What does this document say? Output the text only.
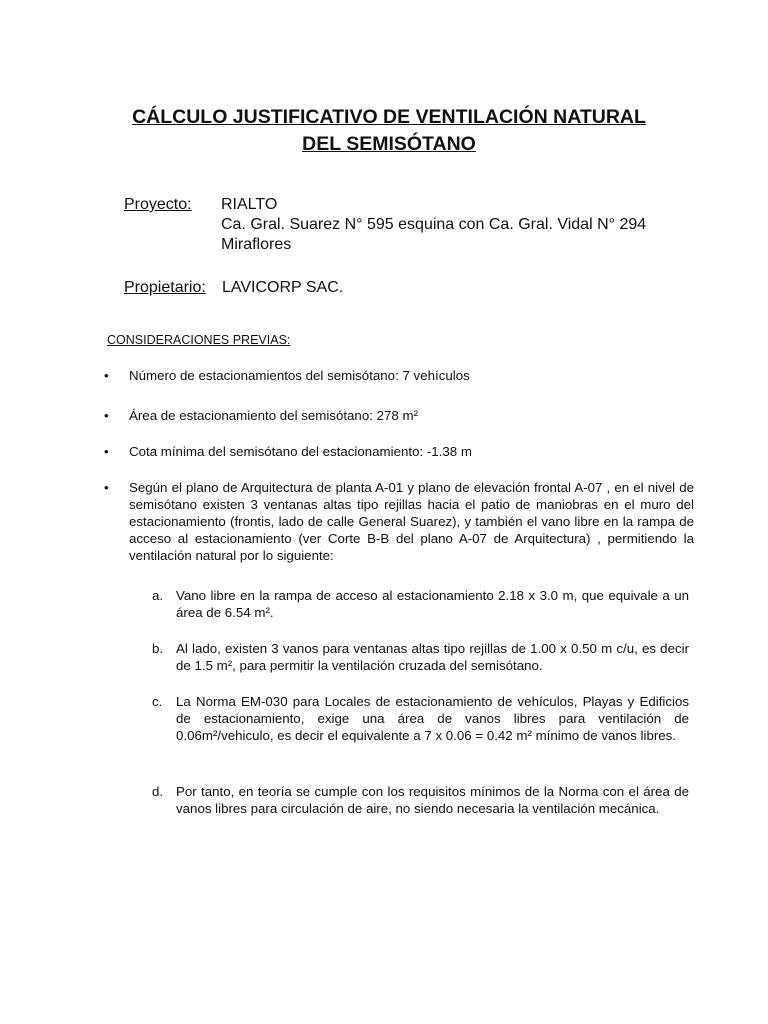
CÁLCULO JUSTIFICATIVO DE VENTILACIÓN NATURAL
DEL SEMISÓTANO
Proyecto: RIALTO
Ca. Gral. Suarez N° 595 esquina con Ca. Gral. Vidal N° 294
Miraflores
Propietario: LAVICORP SAC.
CONSIDERACIONES PREVIAS:
• Número de estacionamientos del semisótano: 7 vehículos
• Área de estacionamiento del semisótano: 278 m²
• Cota mínima del semisótano del estacionamiento: -1.38 m
• Según el plano de Arquitectura de planta A-01 y plano de elevación frontal A-07 , en el nivel de semisótano existen 3 ventanas altas tipo rejillas hacia el patio de maniobras en el muro del estacionamiento (frontis, lado de calle General Suarez), y también el vano libre en la rampa de acceso al estacionamiento (ver Corte B-B del plano A-07 de Arquitectura) , permitiendo la ventilación natural por lo siguiente:
a. Vano libre en la rampa de acceso al estacionamiento 2.18 x 3.0 m, que equivale a un área de 6.54 m².
b. Al lado, existen 3 vanos para ventanas altas tipo rejillas de 1.00 x 0.50 m c/u, es decir de 1.5 m², para permitir la ventilación cruzada del semisótano.
c. La Norma EM-030 para Locales de estacionamiento de vehículos, Playas y Edificios de estacionamiento, exige una área de vanos libres para ventilación de 0.06m²/vehiculo, es decir el equivalente a 7 x 0.06 = 0.42 m² mínimo de vanos libres.
d. Por tanto, en teoría se cumple con los requisitos mínimos de la Norma con el área de vanos libres para circulación de aire, no siendo necesaria la ventilación mecánica.
